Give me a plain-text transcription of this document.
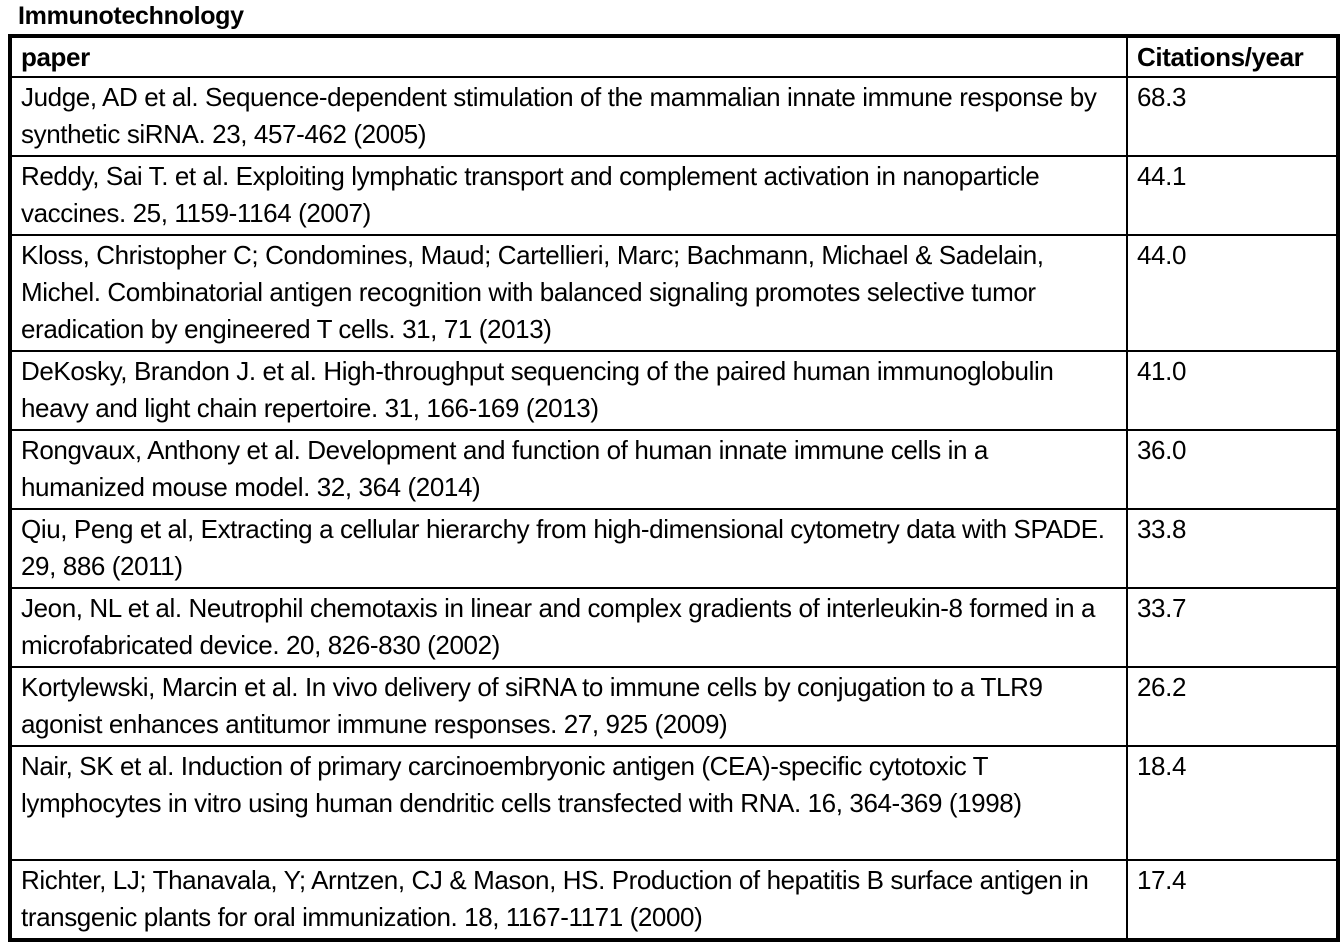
Immunotechnology
paper	Citations/year
Judge, AD et al. Sequence-dependent stimulation of the mammalian innate immune response by synthetic siRNA. 23, 457-462 (2005)	68.3
Reddy, Sai T. et al. Exploiting lymphatic transport and complement activation in nanoparticle vaccines. 25, 1159-1164 (2007)	44.1
Kloss, Christopher C; Condomines, Maud; Cartellieri, Marc; Bachmann, Michael & Sadelain, Michel. Combinatorial antigen recognition with balanced signaling promotes selective tumor eradication by engineered T cells. 31, 71 (2013)	44.0
DeKosky, Brandon J. et al. High-throughput sequencing of the paired human immunoglobulin heavy and light chain repertoire. 31, 166-169 (2013)	41.0
Rongvaux, Anthony et al. Development and function of human innate immune cells in a humanized mouse model. 32, 364 (2014)	36.0
Qiu, Peng et al, Extracting a cellular hierarchy from high-dimensional cytometry data with SPADE. 29, 886 (2011)	33.8
Jeon, NL et al. Neutrophil chemotaxis in linear and complex gradients of interleukin-8 formed in a microfabricated device. 20, 826-830 (2002)	33.7
Kortylewski, Marcin et al. In vivo delivery of siRNA to immune cells by conjugation to a TLR9 agonist enhances antitumor immune responses. 27, 925 (2009)	26.2
Nair, SK et al. Induction of primary carcinoembryonic antigen (CEA)-specific cytotoxic T lymphocytes in vitro using human dendritic cells transfected with RNA. 16, 364-369 (1998)	18.4
Richter, LJ; Thanavala, Y; Arntzen, CJ & Mason, HS. Production of hepatitis B surface antigen in transgenic plants for oral immunization. 18, 1167-1171 (2000)	17.4
